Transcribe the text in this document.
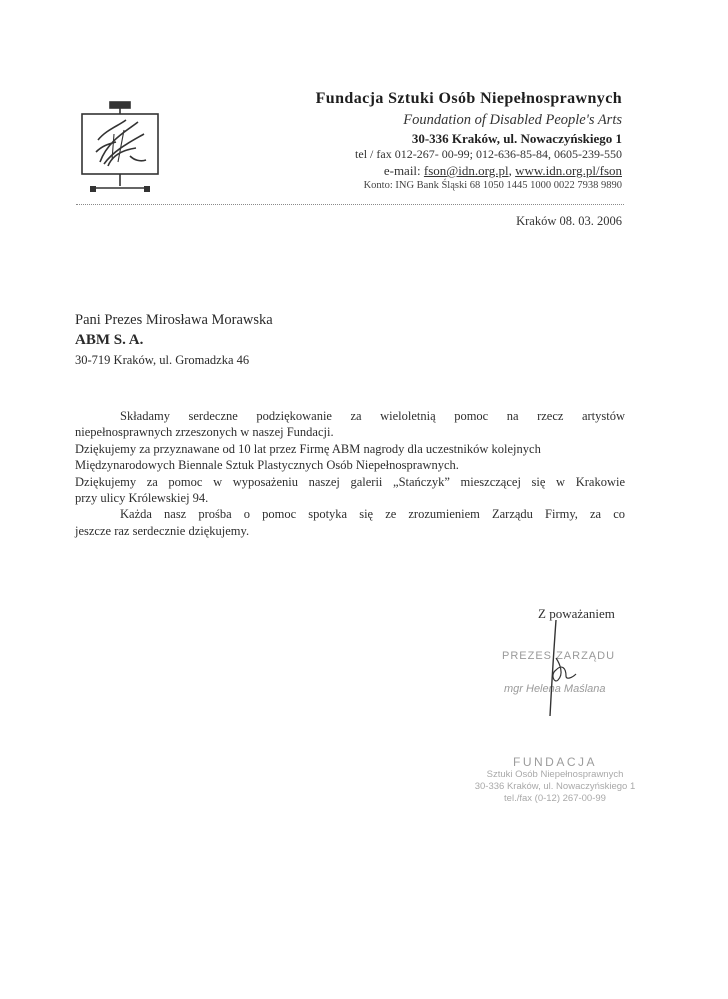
Fundacja Sztuki Osób Niepełnosprawnych
Foundation of Disabled People's Arts
30-336 Kraków, ul. Nowaczyńskiego 1
tel / fax 012-267- 00-99; 012-636-85-84, 0605-239-550
e-mail: fson@idn.org.pl, www.idn.org.pl/fson
Konto: ING Bank Śląski 68 1050 1445 1000 0022 7938 9890
Kraków 08. 03. 2006
Pani Prezes Mirosława Morawska
ABM S. A.
30-719 Kraków, ul. Gromadzka 46

Składamy serdeczne podziękowanie za wieloletnią pomoc na rzecz artystów

niepełnosprawnych zrzeszonych w naszej Fundacji.

Dziękujemy za przyznawane od 10 lat przez Firmę ABM nagrody dla uczestników kolejnych Międzynarodowych Biennale Sztuk Plastycznych Osób Niepełnosprawnych.

Dziękujemy za pomoc w wyposażeniu naszej galerii „Stańczyk” mieszczącej się w Krakowie

przy ulicy Królewskiej 94.

Każda nasz prośba o pomoc spotyka się ze zrozumieniem Zarządu Firmy, za co

jeszcze raz serdecznie dziękujemy.

Z poważaniem
PREZES ZARZĄDU
mgr Helena Maślana
FUNDACJA
Sztuki Osób Niepełnosprawnych
30-336 Kraków, ul. Nowaczyńskiego 1
tel./fax (0-12) 267-00-99
